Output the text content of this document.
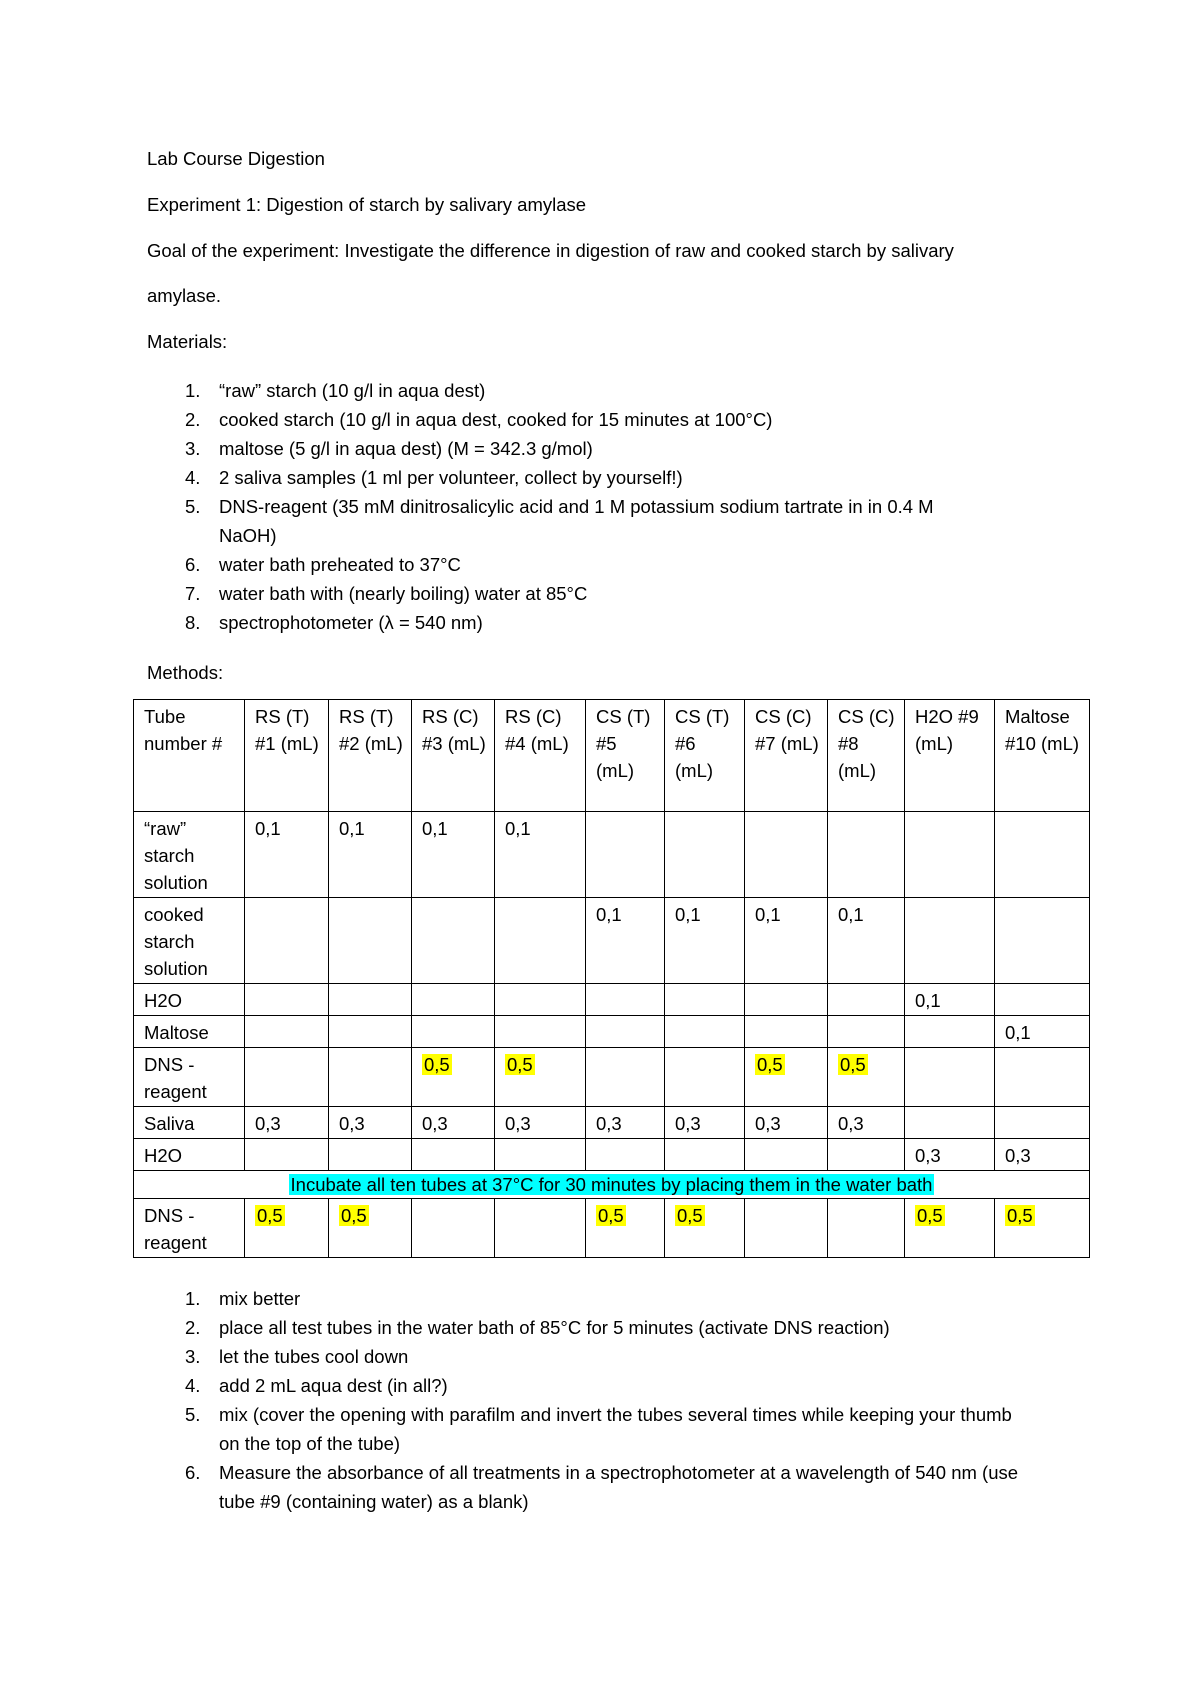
Lab Course Digestion
Experiment 1: Digestion of starch by salivary amylase
Goal of the experiment: Investigate the difference in digestion of raw and cooked starch by salivary
amylase.
Materials:
1. “raw” starch (10 g/l in aqua dest)
2. cooked starch (10 g/l in aqua dest, cooked for 15 minutes at 100°C)
3. maltose (5 g/l in aqua dest) (M = 342.3 g/mol)
4. 2 saliva samples (1 ml per volunteer, collect by yourself!)
5. DNS-reagent (35 mM dinitrosalicylic acid and 1 M potassium sodium tartrate in in 0.4 M NaOH)
6. water bath preheated to 37°C
7. water bath with (nearly boiling) water at 85°C
8. spectrophotometer (λ = 540 nm)
Methods:
Tube number #	RS (T) #1 (mL)	RS (T) #2 (mL)	RS (C) #3 (mL)	RS (C) #4 (mL)	CS (T) #5 (mL)	CS (T) #6 (mL)	CS (C) #7 (mL)	CS (C) #8 (mL)	H2O #9 (mL)	Maltose #10 (mL)
“raw” starch solution	0,1	0,1	0,1	0,1						
cooked starch solution					0,1	0,1	0,1	0,1		
H2O									0,1	
Maltose										0,1
DNS - reagent			0,5	0,5			0,5	0,5		
Saliva	0,3	0,3	0,3	0,3	0,3	0,3	0,3	0,3		
H2O									0,3	0,3
Incubate all ten tubes at 37°C for 30 minutes by placing them in the water bath										
DNS - reagent	0,5	0,5			0,5	0,5			0,5	0,5
1. mix better
2. place all test tubes in the water bath of 85°C for 5 minutes (activate DNS reaction)
3. let the tubes cool down
4. add 2 mL aqua dest (in all?)
5. mix (cover the opening with parafilm and invert the tubes several times while keeping your thumb on the top of the tube)
6. Measure the absorbance of all treatments in a spectrophotometer at a wavelength of 540 nm (use tube #9 (containing water) as a blank)
